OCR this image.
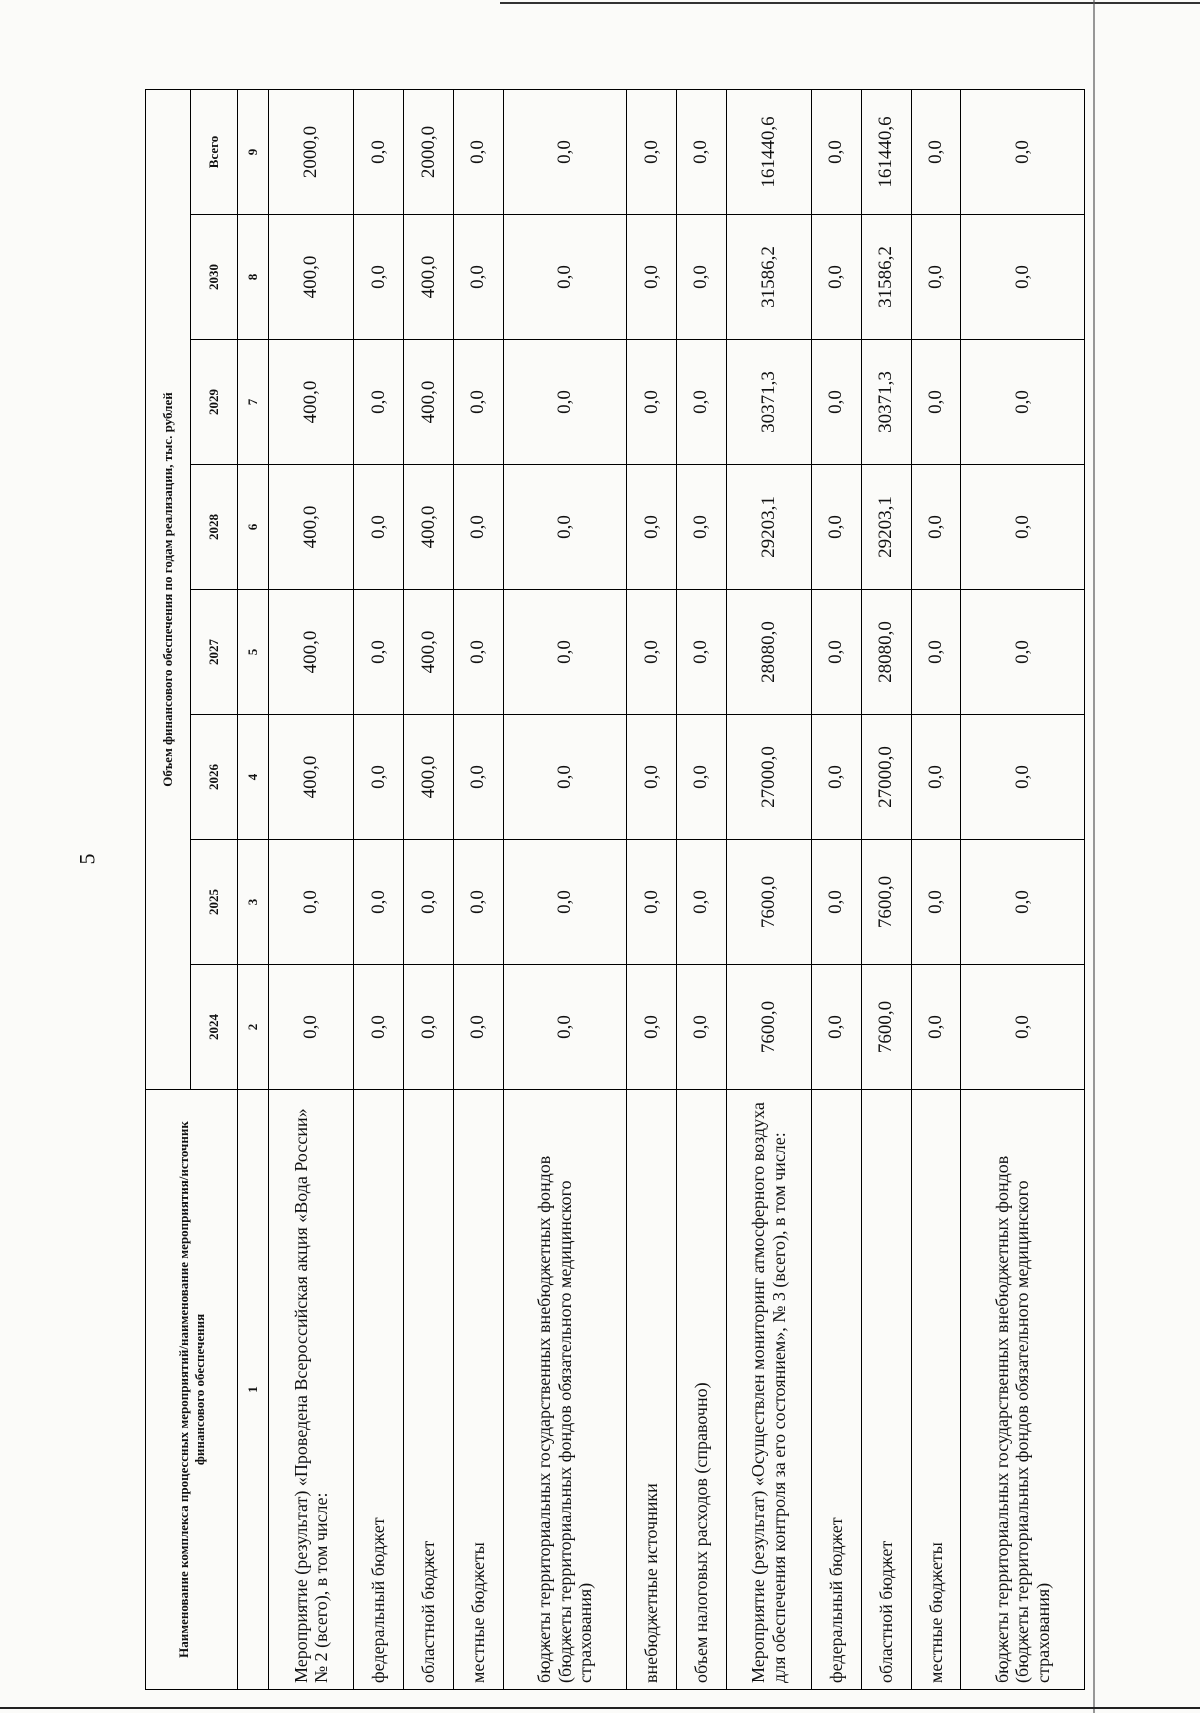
5
Наименование комплекса процессных мероприятий/наименование мероприятия/источник финансового обеспечения	Объем финансового обеспечения по годам реализации, тыс. рублей							
	2024	2025	2026	2027	2028	2029	2030	Всего
1	2	3	4	5	6	7	8	9
Мероприятие (результат) «Проведена Всероссийская акция «Вода России» № 2 (всего), в том числе:	0,0	0,0	400,0	400,0	400,0	400,0	400,0	2000,0
федеральный бюджет	0,0	0,0	0,0	0,0	0,0	0,0	0,0	0,0
областной бюджет	0,0	0,0	400,0	400,0	400,0	400,0	400,0	2000,0
местные бюджеты	0,0	0,0	0,0	0,0	0,0	0,0	0,0	0,0
бюджеты территориальных государственных внебюджетных фондов (бюджеты территориальных фондов обязательного медицинского страхования)	0,0	0,0	0,0	0,0	0,0	0,0	0,0	0,0
внебюджетные источники	0,0	0,0	0,0	0,0	0,0	0,0	0,0	0,0
объем налоговых расходов (справочно)	0,0	0,0	0,0	0,0	0,0	0,0	0,0	0,0
Мероприятие (результат) «Осуществлен мониторинг атмосферного воздуха для обеспечения контроля за его состоянием», № 3 (всего), в том числе:	7600,0	7600,0	27000,0	28080,0	29203,1	30371,3	31586,2	161440,6
федеральный бюджет	0,0	0,0	0,0	0,0	0,0	0,0	0,0	0,0
областной бюджет	7600,0	7600,0	27000,0	28080,0	29203,1	30371,3	31586,2	161440,6
местные бюджеты	0,0	0,0	0,0	0,0	0,0	0,0	0,0	0,0
бюджеты территориальных государственных внебюджетных фондов (бюджеты территориальных фондов обязательного медицинского страхования)	0,0	0,0	0,0	0,0	0,0	0,0	0,0	0,0
